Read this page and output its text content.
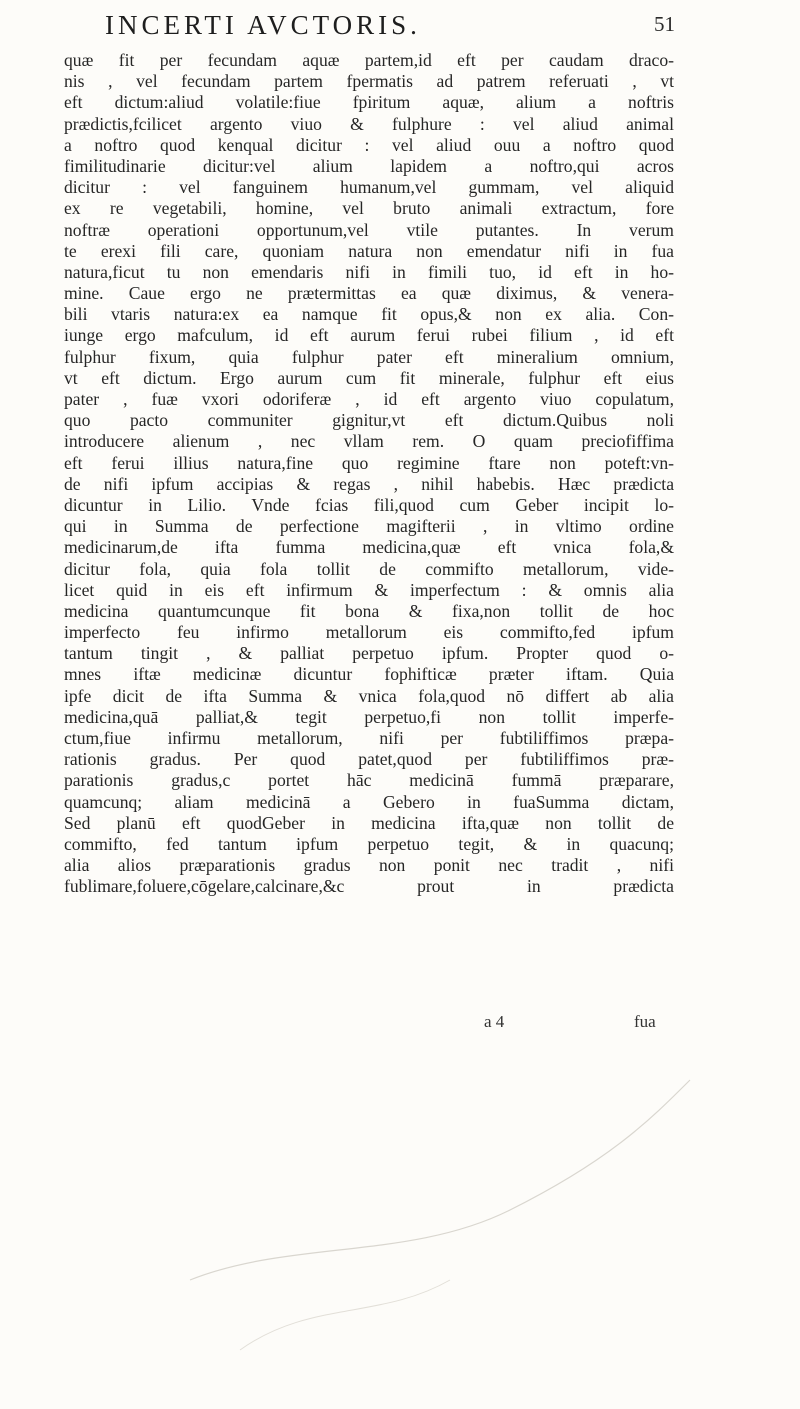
INCERTI AVCTORIS.	51
quæ fit per fecundam aquæ partem,id eft per caudam draco-
nis , vel fecundam partem fpermatis ad patrem referuati , vt
eft dictum:aliud volatile:fiue fpiritum aquæ, alium a noftris
prædictis,fcilicet argento viuo & fulphure : vel aliud animal
a noftro quod kenqual dicitur : vel aliud ouu a noftro quod
fimilitudinarie dicitur:vel alium lapidem a noftro,qui acros
dicitur : vel fanguinem humanum,vel gummam, vel aliquid
ex re vegetabili, homine, vel bruto animali extractum, fore
noftræ operationi opportunum,vel vtile putantes. In verum
te erexi fili care, quoniam natura non emendatur nifi in fua
natura,ficut tu non emendaris nifi in fimili tuo, id eft in ho-
mine. Caue ergo ne prætermittas ea quæ diximus, & venera-
bili vtaris natura:ex ea namque fit opus,& non ex alia. Con-
iunge ergo mafculum, id eft aurum ferui rubei filium , id eft
fulphur fixum, quia fulphur pater eft mineralium omnium,
vt eft dictum. Ergo aurum cum fit minerale, fulphur eft eius
pater , fuæ vxori odoriferæ , id eft argento viuo copulatum,
quo pacto communiter gignitur,vt eft dictum.Quibus noli
introducere alienum , nec vllam rem. O quam preciofiffima
eft ferui illius natura,fine quo regimine ftare non poteft:vn-
de nifi ipfum accipias & regas , nihil habebis. Hæc prædicta
dicuntur in Lilio. Vnde fcias fili,quod cum Geber incipit lo-
qui in Summa de perfectione magifterii , in vltimo ordine
medicinarum,de ifta fumma medicina,quæ eft vnica fola,&
dicitur fola, quia fola tollit de commifto metallorum, vide-
licet quid in eis eft infirmum & imperfectum : & omnis alia
medicina quantumcunque fit bona & fixa,non tollit de hoc
imperfecto feu infirmo metallorum eis commifto,fed ipfum
tantum tingit , & palliat perpetuo ipfum. Propter quod o-
mnes iftæ medicinæ dicuntur fophifticæ præter iftam. Quia
ipfe dicit de ifta Summa & vnica fola,quod nō differt ab alia
medicina,quā palliat,& tegit perpetuo,fi non tollit imperfe-
ctum,fiue infirmu metallorum, nifi per fubtiliffimos præpa-
rationis gradus. Per quod patet,quod per fubtiliffimos præ-
parationis gradus,c portet hāc medicinā fummā præparare,
quamcunq; aliam medicinā a Gebero in fuaSumma dictam,
Sed planū eft quodGeber in medicina ifta,quæ non tollit de
commifto, fed tantum ipfum perpetuo tegit, & in quacunq;
alia alios præparationis gradus non ponit nec tradit , nifi
fublimare,foluere,cōgelare,calcinare,&c prout in prædicta
a 4	fua
